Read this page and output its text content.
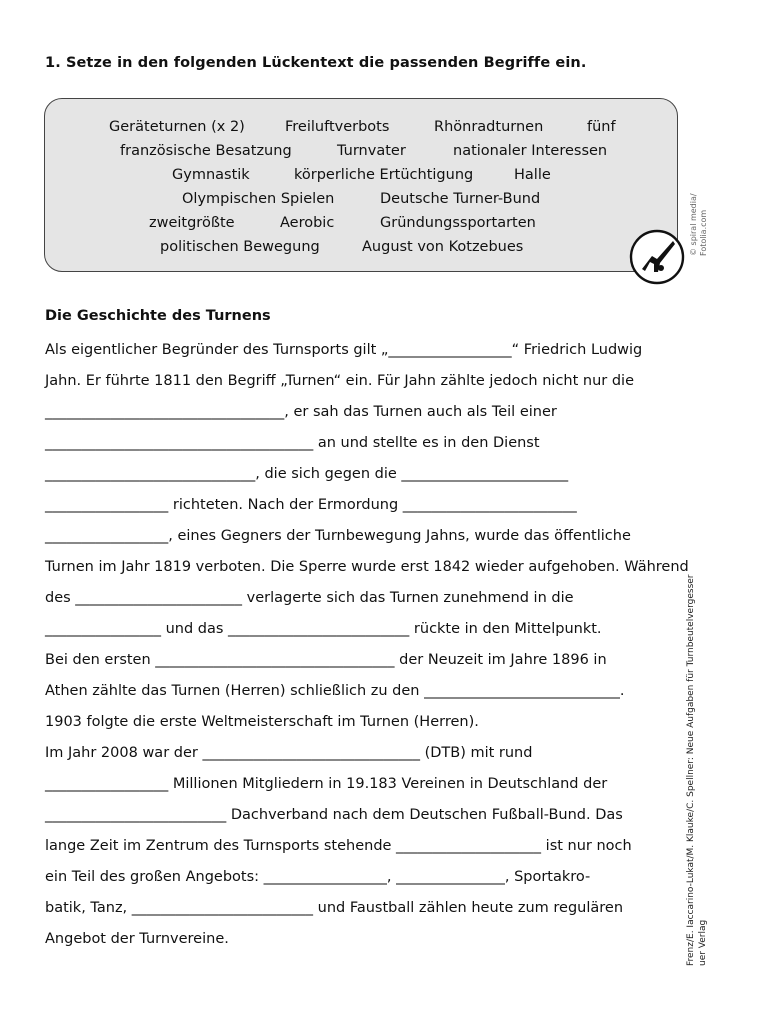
1. Setze in den folgenden Lückentext die passenden Begriffe ein.
Geräteturnen (x 2)	Freiluftverbots	Rhönradturnen	fünf
französische Besatzung	Turnvater	nationaler Interessen
Gymnastik	körperliche Ertüchtigung	Halle
Olympischen Spielen	Deutsche Turner-Bund
zweitgrößte	Aerobic	Gründungssportarten
politischen Bewegung	August von Kotzebues	© spiral media/ Fotolia.com
Die Geschichte des Turnens
Als eigentlicher Begründer des Turnsports gilt „_________________“ Friedrich Ludwig
Jahn. Er führte 1811 den Begriff „Turnen“ ein. Für Jahn zählte jedoch nicht nur die
_________________________________, er sah das Turnen auch als Teil einer
_____________________________________ an und stellte es in den Dienst
_____________________________, die sich gegen die _______________________
_________________ richteten. Nach der Ermordung ________________________
_________________, eines Gegners der Turnbewegung Jahns, wurde das öffentliche
Turnen im Jahr 1819 verboten. Die Sperre wurde erst 1842 wieder aufgehoben. Während
des _______________________ verlagerte sich das Turnen zunehmend in die
________________ und das _________________________ rückte in den Mittelpunkt.
Bei den ersten _________________________________ der Neuzeit im Jahre 1896 in
Athen zählte das Turnen (Herren) schließlich zu den ___________________________.
1903 folgte die erste Weltmeisterschaft im Turnen (Herren).
Im Jahr 2008 war der ______________________________ (DTB) mit rund
_________________ Millionen Mitgliedern in 19.183 Vereinen in Deutschland der
_________________________ Dachverband nach dem Deutschen Fußball-Bund. Das
lange Zeit im Zentrum des Turnsports stehende ____________________ ist nur noch
ein Teil des großen Angebots: _________________, _______________, Sportakro-
batik, Tanz, _________________________ und Faustball zählen heute zum regulären
Angebot der Turnvereine.	Frenz/E. Iaccarino-Lukat/M. Klauke/C. Spellner: Neue Aufgaben für Turnbeutelvergesser uer Verlag
